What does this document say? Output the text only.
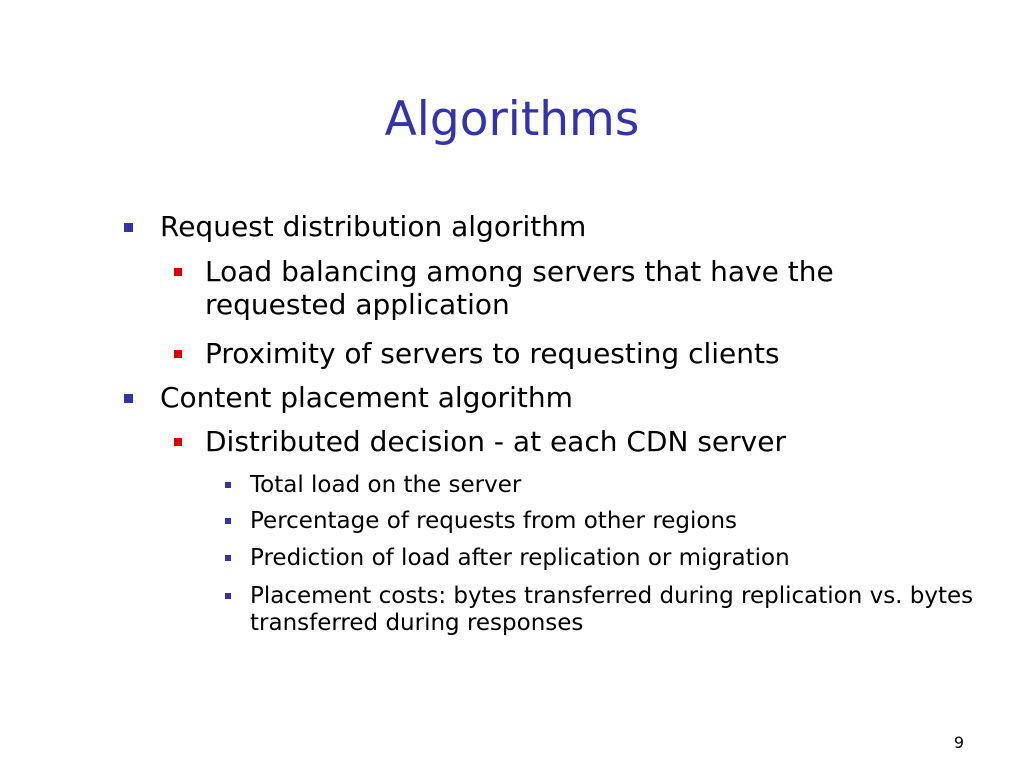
Algorithms
Request distribution algorithm
Load balancing among servers that have the requested application
Proximity of servers to requesting clients
Content placement algorithm
Distributed decision - at each CDN server
Total load on the server
Percentage of requests from other regions
Prediction of load after replication or migration
Placement costs: bytes transferred during replication vs. bytes transferred during responses
9
